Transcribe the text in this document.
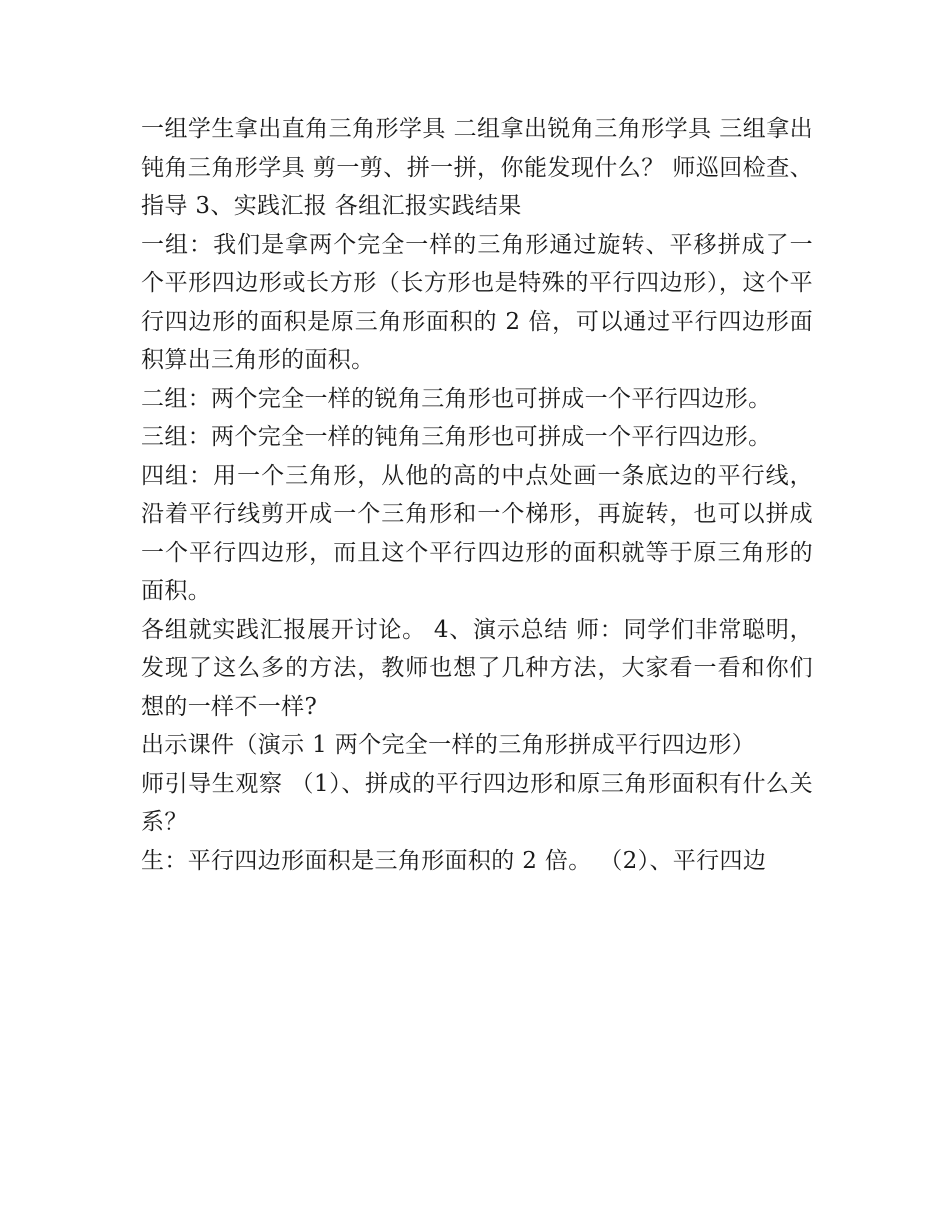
一组学生拿出直角三角形学具 二组拿出锐角三角形学具 三组拿出钝角三角形学具 剪一剪、拼一拼，你能发现什么？ 师巡回检查、指导 3、实践汇报 各组汇报实践结果

一组：我们是拿两个完全一样的三角形通过旋转、平移拼成了一个平形四边形或长方形（长方形也是特殊的平行四边形），这个平行四边形的面积是原三角形面积的 2 倍，可以通过平行四边形面积算出三角形的面积。

二组：两个完全一样的锐角三角形也可拼成一个平行四边形。

三组：两个完全一样的钝角三角形也可拼成一个平行四边形。

四组：用一个三角形，从他的高的中点处画一条底边的平行线，沿着平行线剪开成一个三角形和一个梯形，再旋转，也可以拼成一个平行四边形，而且这个平行四边形的面积就等于原三角形的面积。

各组就实践汇报展开讨论。 4、演示总结 师：同学们非常聪明，发现了这么多的方法，教师也想了几种方法，大家看一看和你们想的一样不一样?

出示课件（演示 1 两个完全一样的三角形拼成平行四边形）

师引导生观察 （1）、拼成的平行四边形和原三角形面积有什么关系？

生：平行四边形面积是三角形面积的 2 倍。 （2）、平行四边
